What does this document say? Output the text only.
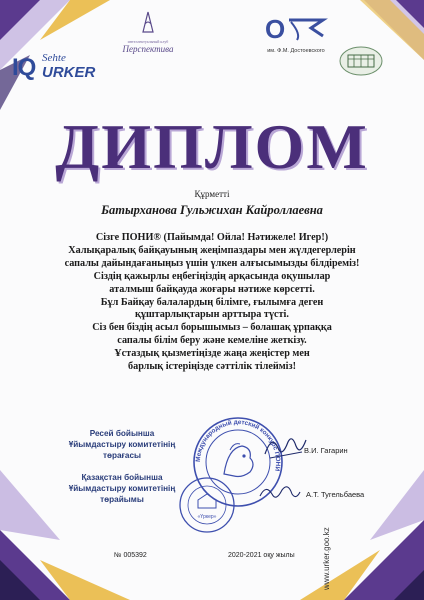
IQ Sehte
URKER
интеллектуальный клуб
Перспектива
О
им. Ф.М. Достоевского
ДИПЛОМ
Құрметті
Батырханова Гульжихан Кайроллаевна
Сізге ПОНИ® (Пайымда! Ойла! Нәтижеле! Игер!)
Халықаралық байқауының жеңімпаздары мен жүлдегерлерін
сапалы дайындағаныңыз үшін үлкен алғысымызды білдіреміз!
Сіздің қажырлы еңбегіңіздің арқасында оқушылар
аталмыш байқауда жоғары нәтиже көрсетті.
Бұл Байқау балалардың білімге, ғылымға деген
құштарлықтарын арттыра түсті.
Сіз бен біздің асыл борышымыз – болашақ ұрпаққа
сапалы білім беру және кемеліне жеткізу.
Ұстаздық қызметіңізде жаңа жеңістер мен
барлық істеріңізде сәттілік тілейміз!
Ресей бойынша
Ұйымдастыру комитетінің
төрағасы
Қазақстан бойынша
Ұйымдастыру комитетінің
төрайымы
Международный детский конкурс ПОНИ
«Үркер»
В.И. Гагарин
А.Т. Тугельбаева
№ 005392	2020-2021 оқу жылы	www.urker.goo.kz
